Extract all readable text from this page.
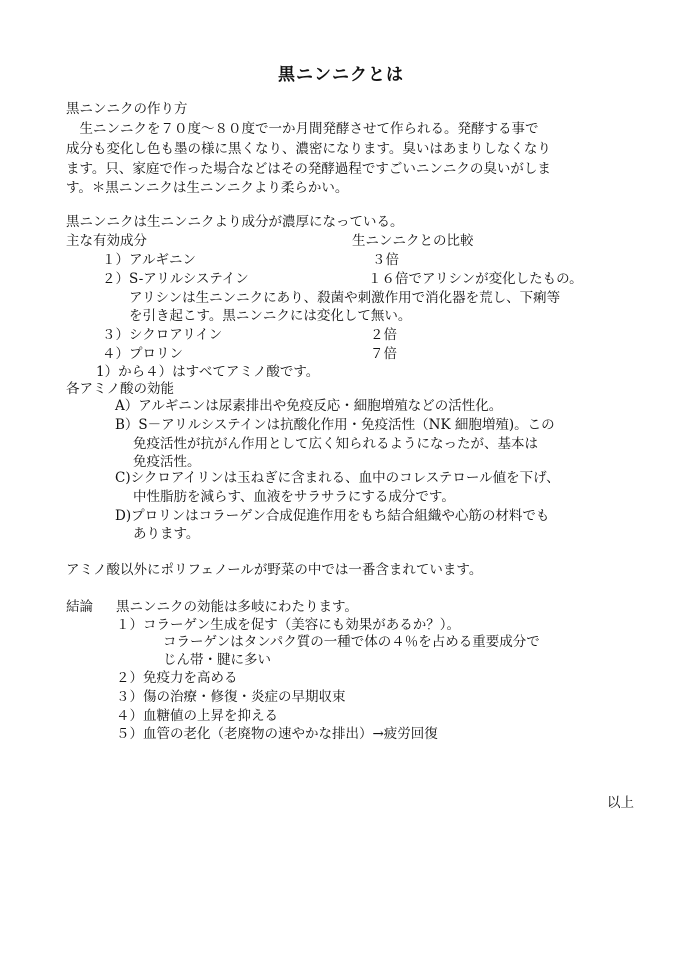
黒ニンニクとは
黒ニンニクの作り方
　生ニンニクを７０度～８０度で一か月間発酵させて作られる。発酵する事で
成分も変化し色も墨の様に黒くなり、濃密になります。臭いはあまりしなくなり
ます。只、家庭で作った場合などはその発酵過程ですごいニンニクの臭いがしま
す。＊黒ニンニクは生ニンニクより柔らかい。
黒ニンニクは生ニンニクより成分が濃厚になっている。
主な有効成分	生ニンニクとの比較
１）アルギニン	３倍
２）S-アリルシステイン	１６倍でアリシンが変化したもの。
アリシンは生ニンニクにあり、殺菌や刺激作用で消化器を荒し、下痢等
を引き起こす。黒ニンニクには変化して無い。
３）シクロアリイン	２倍
４）プロリン	７倍
1）から４）はすべてアミノ酸です。
各アミノ酸の効能
A）アルギニンは尿素排出や免疫反応・細胞増殖などの活性化。
B）S－アリルシステインは抗酸化作用・免疫活性（NK 細胞増殖)。この
免疫活性が抗がん作用として広く知られるようになったが、基本は
免疫活性。
C)シクロアイリンは玉ねぎに含まれる、血中のコレステロール値を下げ、
中性脂肪を減らす、血液をサラサラにする成分です。
D)プロリンはコラーゲン合成促進作用をもち結合組織や心筋の材料でも
あります。
アミノ酸以外にポリフェノールが野菜の中では一番含まれています。
結論 黒ニンニクの効能は多岐にわたります。
１）コラーゲン生成を促す（美容にも効果があるか？）。
コラーゲンはタンパク質の一種で体の４％を占める重要成分で
じん帯・腱に多い
２）免疫力を高める
３）傷の治療・修復・炎症の早期収束
４）血糖値の上昇を抑える
５）血管の老化（老廃物の速やかな排出）→疲労回復
以上
